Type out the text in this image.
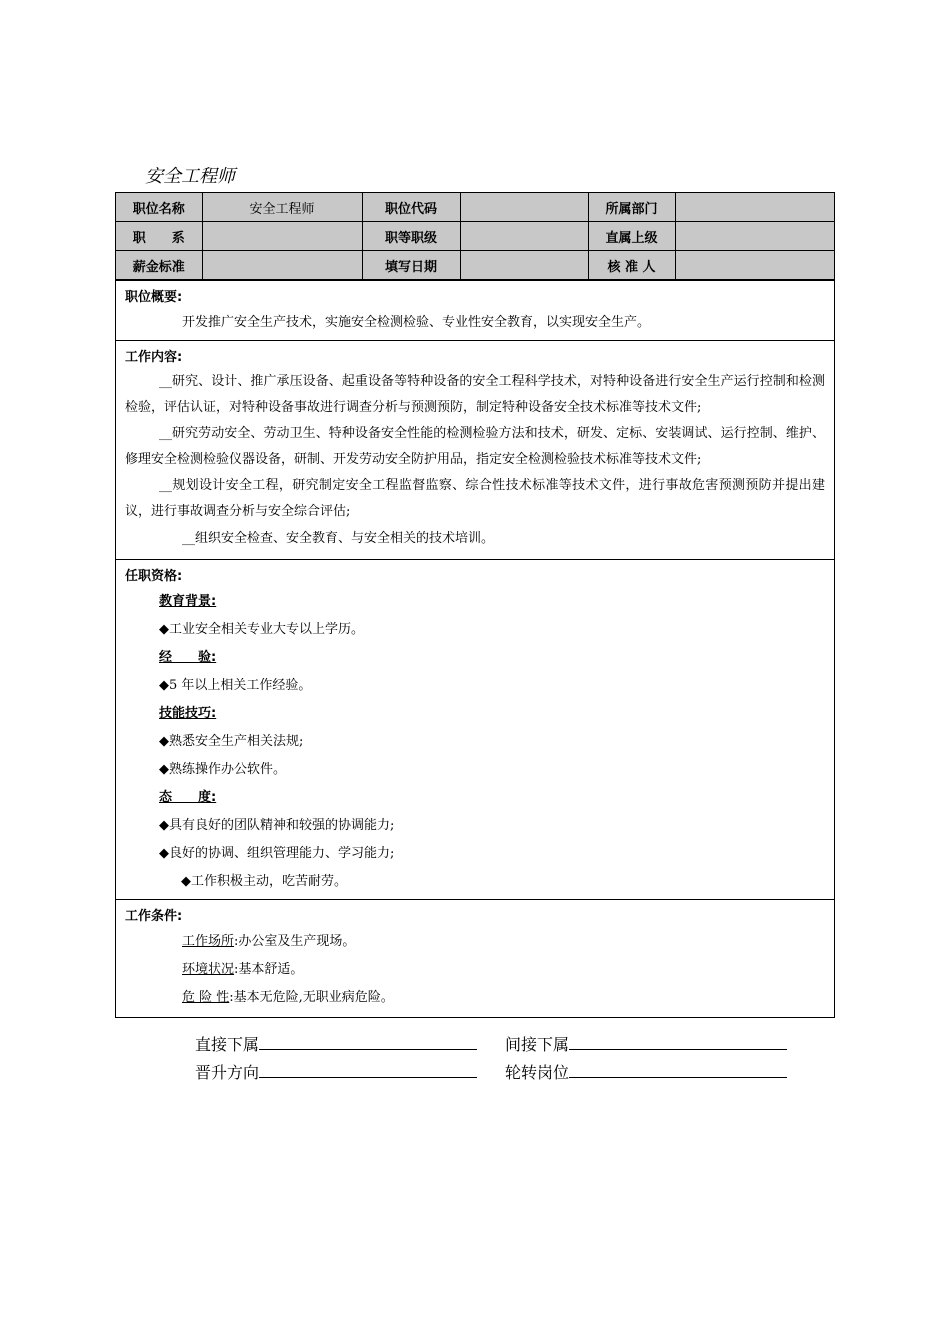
安全工程师
职位名称	安全工程师	职位代码		所属部门	
职　　系		职等职级		直属上级	
薪金标准		填写日期		核 准 人	
职位概要:
开发推广安全生产技术，实施安全检测检验、专业性安全教育，以实现安全生产。
工作内容:
__研究、设计、推广承压设备、起重设备等特种设备的安全工程科学技术，对特种设备进行安全生产运行控制和检测检验，评估认证，对特种设备事故进行调查分析与预测预防，制定特种设备安全技术标准等技术文件;
__研究劳动安全、劳动卫生、特种设备安全性能的检测检验方法和技术，研发、定标、安装调试、运行控制、维护、修理安全检测检验仪器设备，研制、开发劳动安全防护用品，指定安全检测检验技术标准等技术文件;
__规划设计安全工程，研究制定安全工程监督监察、综合性技术标准等技术文件，进行事故危害预测预防并提出建议，进行事故调查分析与安全综合评估;
__组织安全检查、安全教育、与安全相关的技术培训。
任职资格:
教育背景:
◆工业安全相关专业大专以上学历。
经　　验:
◆5 年以上相关工作经验。
技能技巧:
◆熟悉安全生产相关法规;
◆熟练操作办公软件。
态　　度:
◆具有良好的团队精神和较强的协调能力;
◆良好的协调、组织管理能力、学习能力;
◆工作积极主动，吃苦耐劳。
工作条件:
工作场所:办公室及生产现场。
环境状况:基本舒适。
危 险 性:基本无危险,无职业病危险。
直接下属	间接下属
晋升方向	轮转岗位
